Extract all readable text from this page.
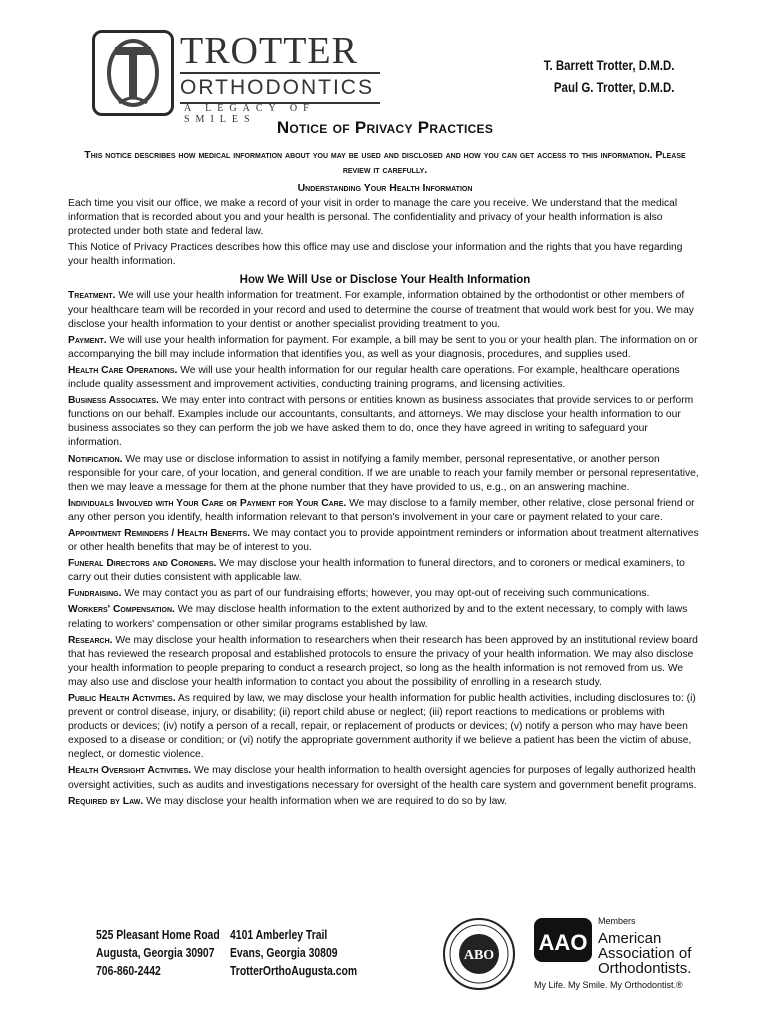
TROTTER
ORTHODONTICS
A LEGACY OF SMILES
T. Barrett Trotter, D.M.D.
Paul G. Trotter, D.M.D.
Notice of Privacy Practices
This notice describes how medical information about you may be used and disclosed and how you can get access to this information. Please review it carefully.
Understanding Your Health Information

Each time you visit our office, we make a record of your visit in order to manage the care you receive. We understand that the medical information that is recorded about you and your health is personal. The confidentiality and privacy of your health information is also protected under both state and federal law.

This Notice of Privacy Practices describes how this office may use and disclose your information and the rights that you have regarding your health information.

How We Will Use or Disclose Your Health Information

Treatment. We will use your health information for treatment. For example, information obtained by the orthodontist or other members of your healthcare team will be recorded in your record and used to determine the course of treatment that would work best for you. We may disclose your health information to your dentist or another specialist providing treatment to you.

Payment. We will use your health information for payment. For example, a bill may be sent to you or your health plan. The information on or accompanying the bill may include information that identifies you, as well as your diagnosis, procedures, and supplies used.

Health Care Operations. We will use your health information for our regular health care operations. For example, healthcare operations include quality assessment and improvement activities, conducting training programs, and licensing activities.

Business Associates. We may enter into contract with persons or entities known as business associates that provide services to or perform functions on our behalf. Examples include our accountants, consultants, and attorneys. We may disclose your health information to our business associates so they can perform the job we have asked them to do, once they have agreed in writing to safeguard your information.

Notification. We may use or disclose information to assist in notifying a family member, personal representative, or another person responsible for your care, of your location, and general condition. If we are unable to reach your family member or personal representative, then we may leave a message for them at the phone number that they have provided to us, e.g., on an answering machine.

Individuals Involved with Your Care or Payment for Your Care. We may disclose to a family member, other relative, close personal friend or any other person you identify, health information relevant to that person's involvement in your care or payment related to your care.

Appointment Reminders / Health Benefits. We may contact you to provide appointment reminders or information about treatment alternatives or other health benefits that may be of interest to you.

Funeral Directors and Coroners. We may disclose your health information to funeral directors, and to coroners or medical examiners, to carry out their duties consistent with applicable law.

Fundraising. We may contact you as part of our fundraising efforts; however, you may opt-out of receiving such communications.

Workers' Compensation. We may disclose health information to the extent authorized by and to the extent necessary, to comply with laws relating to workers' compensation or other similar programs established by law.

Research. We may disclose your health information to researchers when their research has been approved by an institutional review board that has reviewed the research proposal and established protocols to ensure the privacy of your health information. We may also disclose your health information to people preparing to conduct a research project, so long as the health information is not removed from us. We may also use and disclose your health information to contact you about the possibility of enrolling in a research study.

Public Health Activities. As required by law, we may disclose your health information for public health activities, including disclosures to: (i) prevent or control disease, injury, or disability; (ii) report child abuse or neglect; (iii) report reactions to medications or problems with products or devices; (iv) notify a person of a recall, repair, or replacement of products or devices; (v) notify a person who may have been exposed to a disease or condition; or (vi) notify the appropriate government authority if we believe a patient has been the victim of abuse, neglect, or domestic violence.

Health Oversight Activities. We may disclose your health information to health oversight agencies for purposes of legally authorized health oversight activities, such as audits and investigations necessary for oversight of the health care system and government benefit programs.

Required by Law. We may disclose your health information when we are required to do so by law.

525 Pleasant Home Road
Augusta, Georgia 30907
706-860-2442
4101 Amberley Trail
Evans, Georgia 30809
TrotterOrthoAugusta.com
ABO
AAO
Members
American
Association of
Orthodontists.
My Life. My Smile. My Orthodontist.®
